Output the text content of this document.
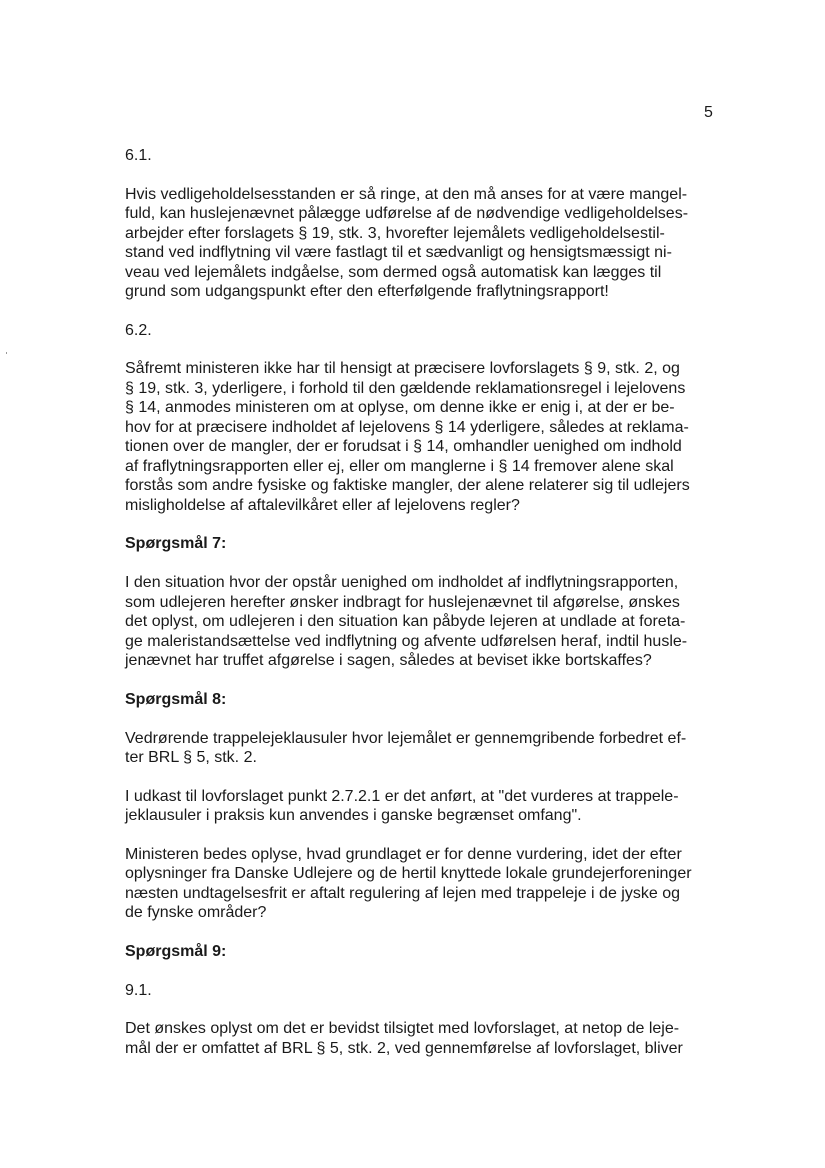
5
6.1.
Hvis vedligeholdelsesstanden er så ringe, at den må anses for at være mangel-
fuld, kan huslejenævnet pålægge udførelse af de nødvendige vedligeholdelses-
arbejder efter forslagets § 19, stk. 3, hvorefter lejemålets vedligeholdelsestil-
stand ved indflytning vil være fastlagt til et sædvanligt og hensigtsmæssigt ni-
veau ved lejemålets indgåelse, som dermed også automatisk kan lægges til
grund som udgangspunkt efter den efterfølgende fraflytningsrapport!
6.2.
Såfremt ministeren ikke har til hensigt at præcisere lovforslagets § 9, stk. 2, og
§ 19, stk. 3, yderligere, i forhold til den gældende reklamationsregel i lejelovens
§ 14, anmodes ministeren om at oplyse, om denne ikke er enig i, at der er be-
hov for at præcisere indholdet af lejelovens § 14 yderligere, således at reklama-
tionen over de mangler, der er forudsat i § 14, omhandler uenighed om indhold
af fraflytningsrapporten eller ej, eller om manglerne i § 14 fremover alene skal
forstås som andre fysiske og faktiske mangler, der alene relaterer sig til udlejers
misligholdelse af aftalevilkåret eller af lejelovens regler?
Spørgsmål 7:
I den situation hvor der opstår uenighed om indholdet af indflytningsrapporten,
som udlejeren herefter ønsker indbragt for huslejenævnet til afgørelse, ønskes
det oplyst, om udlejeren i den situation kan påbyde lejeren at undlade at foreta-
ge maleristandsættelse ved indflytning og afvente udførelsen heraf, indtil husle-
jenævnet har truffet afgørelse i sagen, således at beviset ikke bortskaffes?
Spørgsmål 8:
Vedrørende trappelejeklausuler hvor lejemålet er gennemgribende forbedret ef-
ter BRL § 5, stk. 2.
I udkast til lovforslaget punkt 2.7.2.1 er det anført, at "det vurderes at trappele-
jeklausuler i praksis kun anvendes i ganske begrænset omfang".
Ministeren bedes oplyse, hvad grundlaget er for denne vurdering, idet der efter
oplysninger fra Danske Udlejere og de hertil knyttede lokale grundejerforeninger
næsten undtagelsesfrit er aftalt regulering af lejen med trappeleje i de jyske og
de fynske områder?
Spørgsmål 9:
9.1.
Det ønskes oplyst om det er bevidst tilsigtet med lovforslaget, at netop de leje-
mål der er omfattet af BRL § 5, stk. 2, ved gennemførelse af lovforslaget, bliver
